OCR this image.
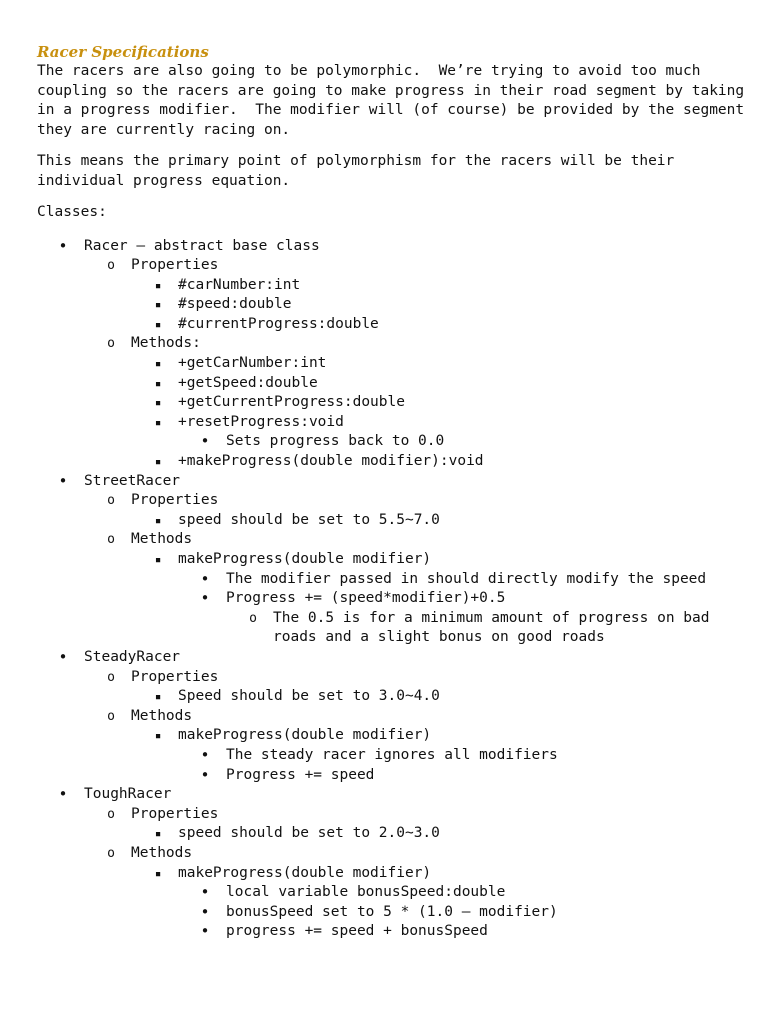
Racer Specifications

The racers are also going to be polymorphic.  We’re trying to avoid too much
coupling so the racers are going to make progress in their road segment by taking
in a progress modifier.  The modifier will (of course) be provided by the segment
they are currently racing on.

This means the primary point of polymorphism for the racers will be their
individual progress equation.

Classes:

•
Racer – abstract base class
o
Properties
▪
#carNumber:int
▪
#speed:double
▪
#currentProgress:double
o
Methods:
▪
+getCarNumber:int
▪
+getSpeed:double
▪
+getCurrentProgress:double
▪
+resetProgress:void
•
Sets progress back to 0.0
▪
+makeProgress(double modifier):void
•
StreetRacer
o
Properties
▪
speed should be set to 5.5~7.0
o
Methods
▪
makeProgress(double modifier)
•
The modifier passed in should directly modify the speed
•
Progress += (speed*modifier)+0.5
o
The 0.5 is for a minimum amount of progress on bad
roads and a slight bonus on good roads
•
SteadyRacer
o
Properties
▪
Speed should be set to 3.0~4.0
o
Methods
▪
makeProgress(double modifier)
•
The steady racer ignores all modifiers
•
Progress += speed
•
ToughRacer
o
Properties
▪
speed should be set to 2.0~3.0
o
Methods
▪
makeProgress(double modifier)
•
local variable bonusSpeed:double
•
bonusSpeed set to 5 * (1.0 – modifier)
•
progress += speed + bonusSpeed
